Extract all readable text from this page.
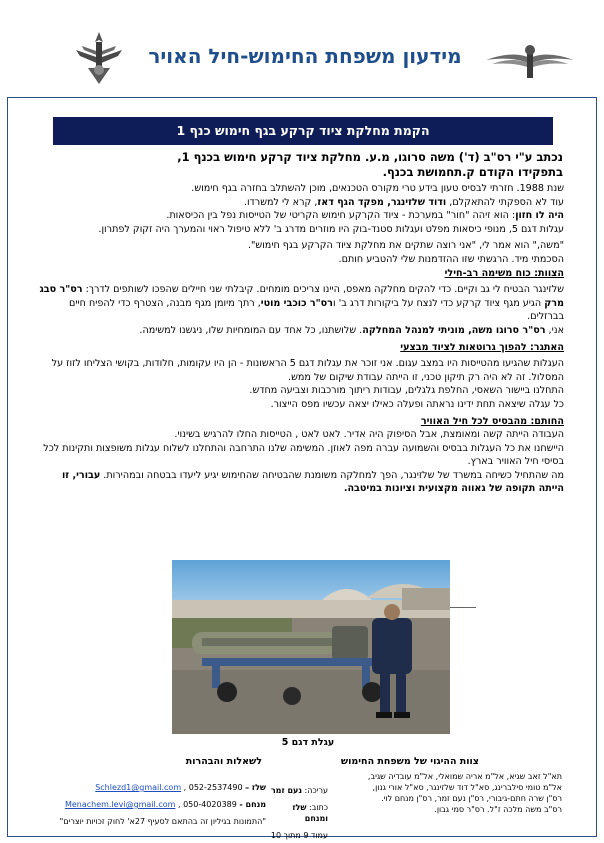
מידעון משפחת החימוש-חיל האויר
הקמת מחלקת ציוד קרקע בגף חימוש כנף 1
נכתב ע"י רס"ב (ד') משה סרוגו, מ.ע. מחלקת ציוד קרקע חימוש בכנף 1,
בתפקידו הקודם ק.תחמושת בכנף.

שנת 1988. חזרתי לבסיס טעון בידע טרי מקורס הטכנאים, מוכן להשתלב בחזרה בגף חימוש.

עוד לא הספקתי להתאקלם, ודוד שלזינגר, מפקד הגף דאז, קרא לי למשרדו.

היה לו חזון: הוא זיהה "חור" במערכת - ציוד הקרקע חימוש הקריטי של הטייסות נפל בין הכיסאות.

עגלות דגם 5, מנופי כיסאות מפלט ועגלות סטנד-בוק היו מוזרים מדרג ב' ללא טיפול ראוי והמערך היה זקוק לפתרון.

"משה," הוא אמר לי, "אני רוצה שתקים את מחלקת ציוד הקרקע בגף חימוש".

הסכמתי מיד. הרגשתי שזו ההזדמנות שלי להטביע חותם.

הצוות: כוח משימה רב-חילי

שלזינגר הבטיח לי גב וקיים. כדי להקים מחלקה מאפס, היינו צריכים מומחים. קיבלתי שני חיילים שהפכו לשותפים לדרך: רס"ר סבג מרק הגיע מגף ציוד קרקע כדי לנצח על ביקורות דרג ב' ורס"ר כוכבי מוטי, רתך מיומן מגף מבנה, הצטרף כדי להפיח חיים בברזלים.

אני, רס"ר סרוגו משה, מוניתי למנהל המחלקה. שלושתנו, כל אחד עם המומחיות שלו, ניגשנו למשימה.

האתגר: להפוך גרוטאות לציוד מבצעי

העגלות שהגיעו מהטייסות היו במצב עגום. אני זוכר את עגלות דגם 5 הראשונות - הן היו עקומות, חלודות, בקושי הצליחו לזוז על המסלול. זה לא היה רק תיקון טכני, זו הייתה עבודת שיקום של ממש.

התחלנו ביישור השאסי, החלפת גלגלים, עבודות ריתוך מורכבות וצביעה מחדש.

כל עגלה שיצאה תחת ידינו נראתה ופעלה כאילו יצאה עכשיו מפס הייצור.

החותם: מהבסיס לכל חיל האוויר

העבודה הייתה קשה ומאומצת, אבל הסיפוק היה אדיר. לאט לאט , הטייסות החלו להרגיש בשינוי.

היישחנו את כל העגלות בבסיס והשמועה עברה מפה לאוזן. המשימה שלנו התרחבה והתחלנו לשלוח עגלות משופצות ותקינות לכל בסיסי חיל האוויר בארץ.

מה שהתחיל כשיחה במשרד של שלזינגר, הפך למחלקה משומנת שהבטיחה שהחימוש יגיע ליעדו בבטחה ובמהירות. עבורי, זו הייתה תקופה של גאווה מקצועית וציונות במיטבה.

עגלת דגם 5
צוות ההיגוי של משפחת החימוש
תא"ל זאב שגיא, אל"מ אריה שמואלי, אל"מ עובדיה שגיב,
אל"מ טומי סילברינג, סא"ל דוד שלזינגר, סא"ל אורי גנון,
רס"ן שרה חתם-גיבורי, רס"ן נעם זמר, רס"ן מנחם לוי.
רס"ב משה מלכה ז"ל. רס"ר סמי גבון.
עריכה: נעם זמר
כתוב: שלז ומנחם
עמוד 9 מתוך 10
לשאלות והבהרות
שלז – 052-2537490 , Schlezd1@gmail.com
מנחם - 050-4020389 , Menachem.levi@gmail.com
"התמונות בגיליון זה בהתאם לסעיף 27א' לחוק זכויות יוצרים"
